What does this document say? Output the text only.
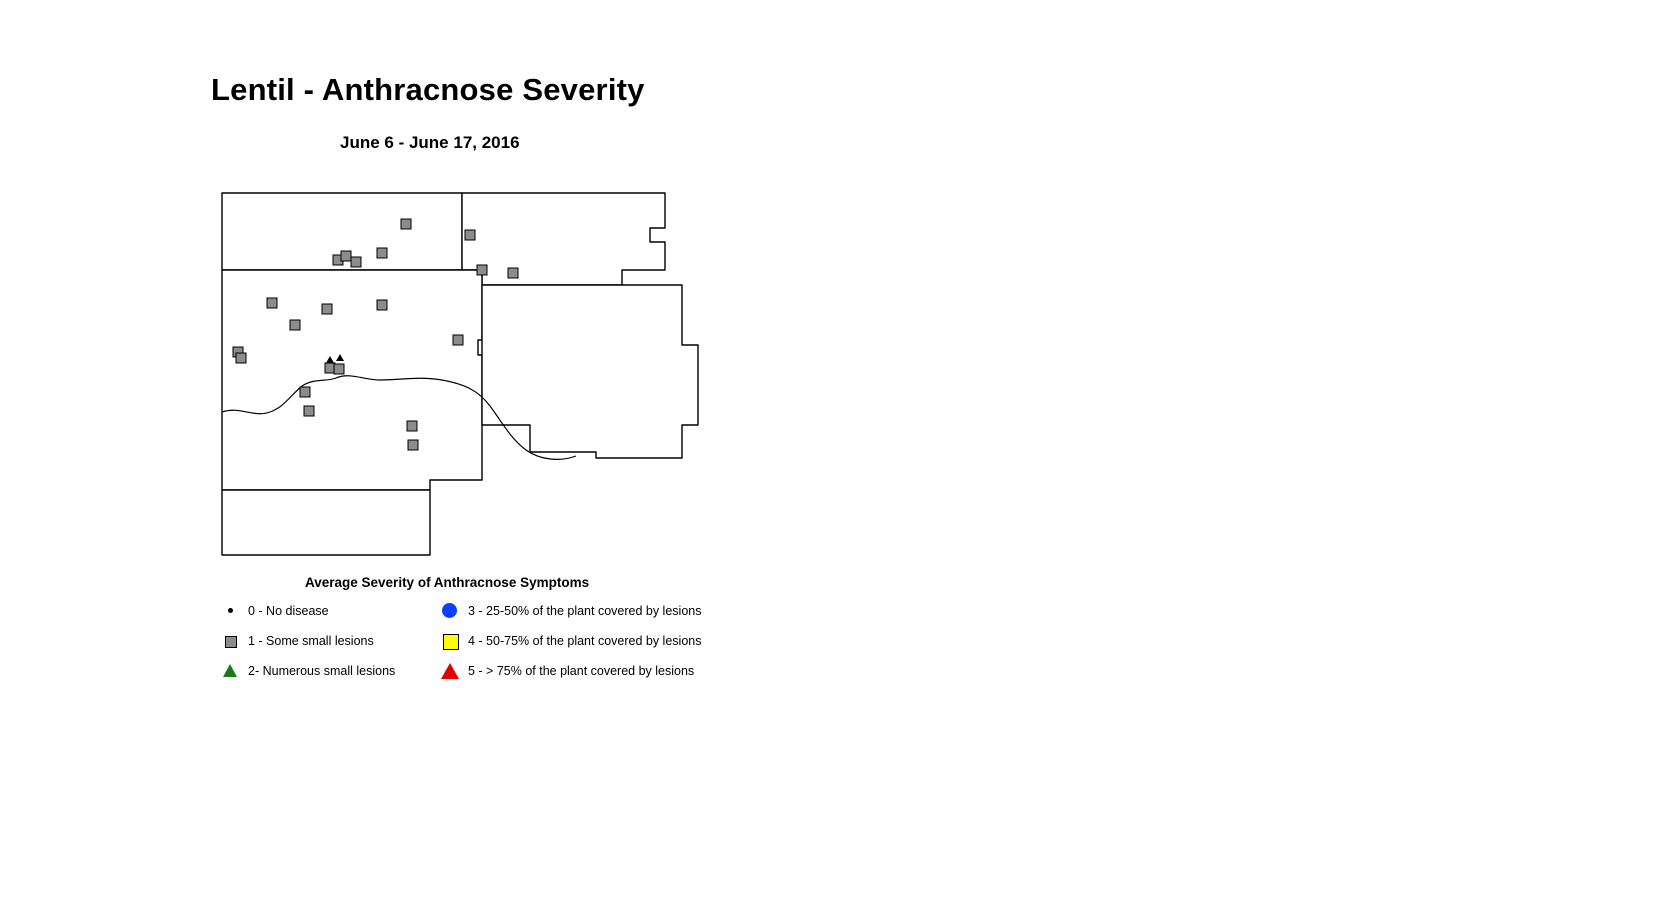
Lentil - Anthracnose Severity
June 6 - June 17, 2016
Average Severity of Anthracnose Symptoms
0 - No disease
1 - Some small lesions
2- Numerous small lesions
3 - 25-50% of the plant covered by lesions
4 - 50-75% of the plant covered by lesions
5 - > 75% of the plant covered by lesions
